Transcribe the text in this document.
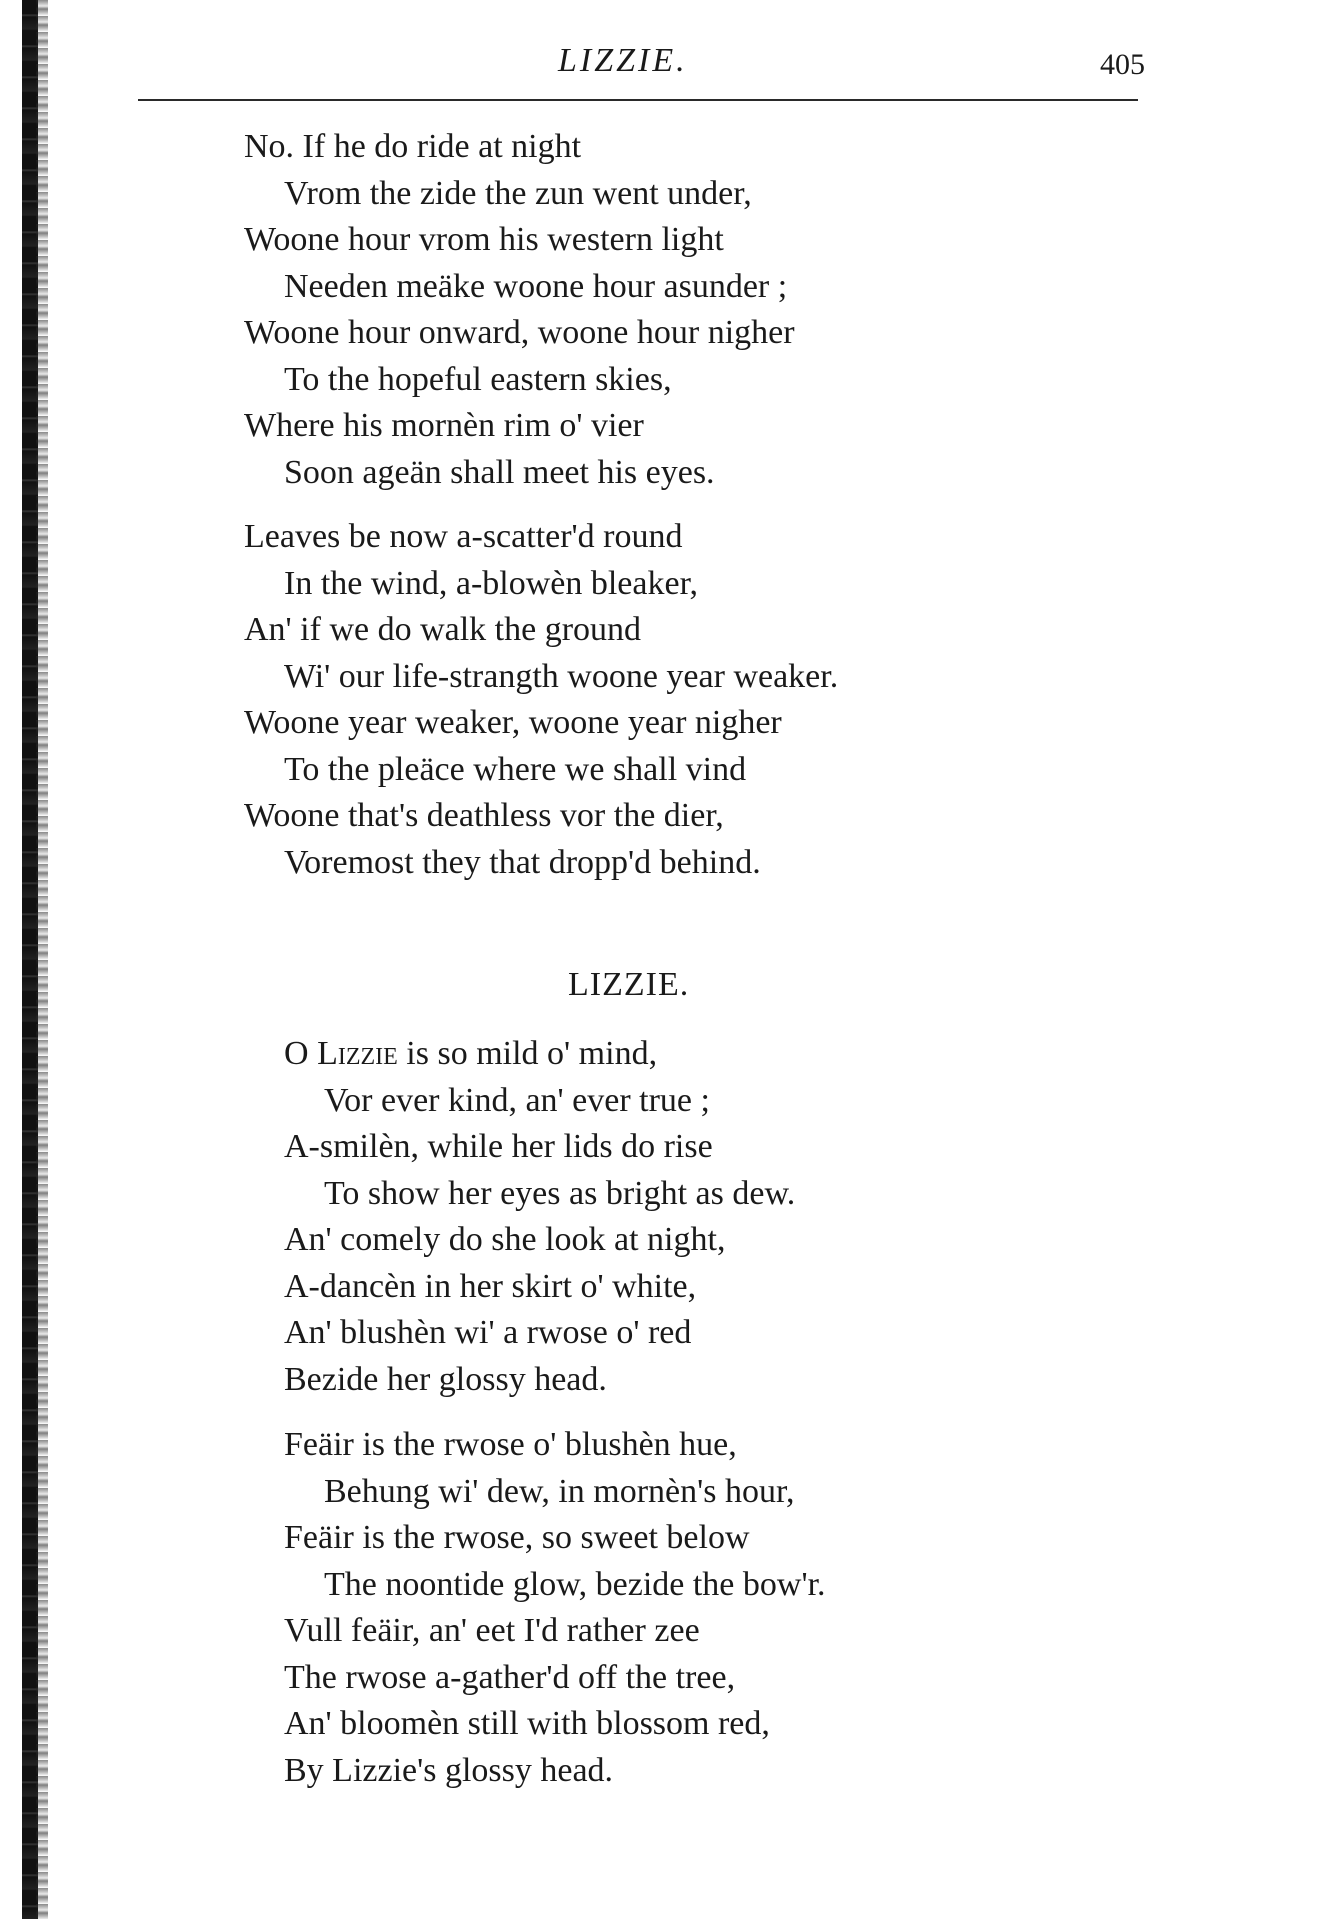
LIZZIE.	405
No. If he do ride at night
Vrom the zide the zun went under,
Woone hour vrom his western light
Needen meäke woone hour asunder ;
Woone hour onward, woone hour nigher
To the hopeful eastern skies,
Where his mornèn rim o' vier
Soon ageän shall meet his eyes.
Leaves be now a-scatter'd round
In the wind, a-blowèn bleaker,
An' if we do walk the ground
Wi' our life-strangth woone year weaker.
Woone year weaker, woone year nigher
To the pleäce where we shall vind
Woone that's deathless vor the dier,
Voremost they that dropp'd behind.
LIZZIE.
O Lizzie is so mild o' mind,
Vor ever kind, an' ever true ;
A-smilèn, while her lids do rise
To show her eyes as bright as dew.
An' comely do she look at night,
A-dancèn in her skirt o' white,
An' blushèn wi' a rwose o' red
Bezide her glossy head.
Feäir is the rwose o' blushèn hue,
Behung wi' dew, in mornèn's hour,
Feäir is the rwose, so sweet below
The noontide glow, bezide the bow'r.
Vull feäir, an' eet I'd rather zee
The rwose a-gather'd off the tree,
An' bloomèn still with blossom red,
By Lizzie's glossy head.
